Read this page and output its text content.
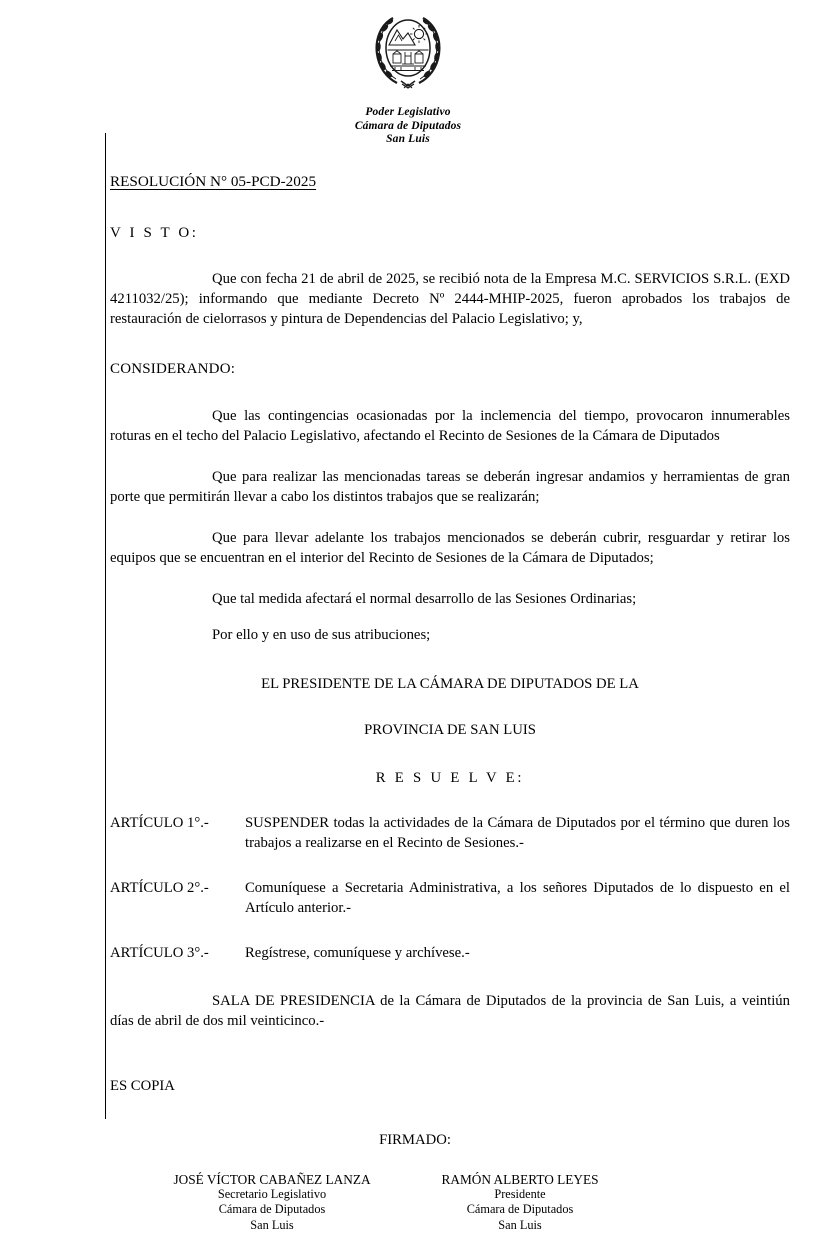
Poder Legislativo
Cámara de Diputados
San Luis
RESOLUCIÓN N° 05-PCD-2025
V I S T O:

Que con fecha 21 de abril de 2025, se recibió nota de la Empresa M.C. SERVICIOS S.R.L. (EXD 4211032/25); informando que mediante Decreto Nº 2444-MHIP-2025, fueron aprobados los trabajos de restauración de cielorrasos y pintura de Dependencias del Palacio Legislativo; y,

CONSIDERANDO:

Que las contingencias ocasionadas por la inclemencia del tiempo, provocaron innumerables roturas en el techo del Palacio Legislativo, afectando el Recinto de Sesiones de la Cámara de Diputados

Que para realizar las mencionadas tareas se deberán ingresar andamios y herramientas de gran porte que permitirán llevar a cabo los distintos trabajos que se realizarán;

Que para llevar adelante los trabajos mencionados se deberán cubrir, resguardar y retirar los equipos que se encuentran en el interior del Recinto de Sesiones de la Cámara de Diputados;

Que tal medida afectará el normal desarrollo de las Sesiones Ordinarias;

Por ello y en uso de sus atribuciones;

EL PRESIDENTE DE LA CÁMARA DE DIPUTADOS DE LA

PROVINCIA DE SAN LUIS

R E S U E L V E:

ARTÍCULO 1°.-	SUSPENDER todas la actividades de la Cámara de Diputados por el término que duren los trabajos a realizarse en el Recinto de Sesiones.-
ARTÍCULO 2°.-	Comuníquese a Secretaria Administrativa, a los señores Diputados de lo dispuesto en el Artículo anterior.-
ARTÍCULO 3°.-	Regístrese, comuníquese y archívese.-

SALA DE PRESIDENCIA de la Cámara de Diputados de la provincia de San Luis, a veintiún días de abril de dos mil veinticinco.-

ES COPIA
FIRMADO:
JOSÉ VÍCTOR CABAÑEZ LANZA
Secretario Legislativo
Cámara de Diputados
San Luis
RAMÓN ALBERTO LEYES
Presidente
Cámara de Diputados
San Luis
